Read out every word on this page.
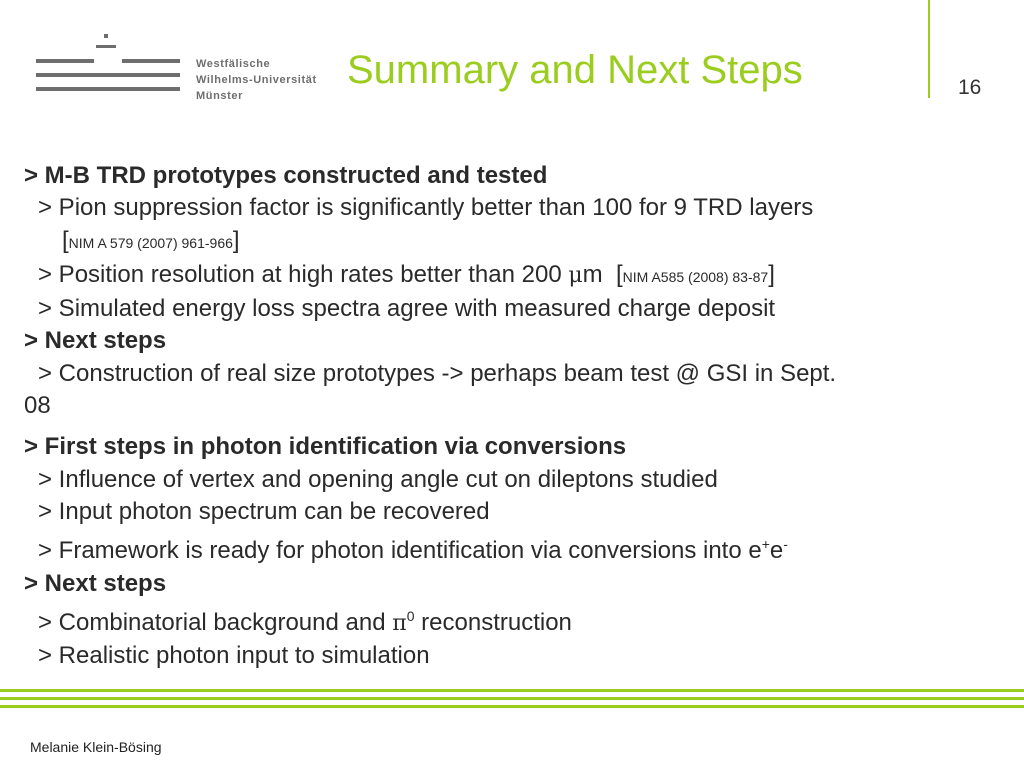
Westfälische
Wilhelms-Universität
Münster
Summary and Next Steps	16
> M-B TRD prototypes constructed and tested
> Pion suppression factor is significantly better than 100 for 9 TRD layers
[NIM A 579 (2007) 961-966]
> Position resolution at high rates better than 200 μm  [NIM A585 (2008) 83-87]
> Simulated energy loss spectra agree with measured charge deposit
> Next steps
> Construction of real size prototypes -> perhaps beam test @ GSI in Sept.
08
> First steps in photon identification via conversions
> Influence of vertex and opening angle cut on dileptons studied
> Input photon spectrum can be recovered
> Framework is ready for photon identification via conversions into e+e-
> Next steps
> Combinatorial background and $\pi^0$ reconstruction
> Realistic photon input to simulation
Melanie Klein-Bösing
